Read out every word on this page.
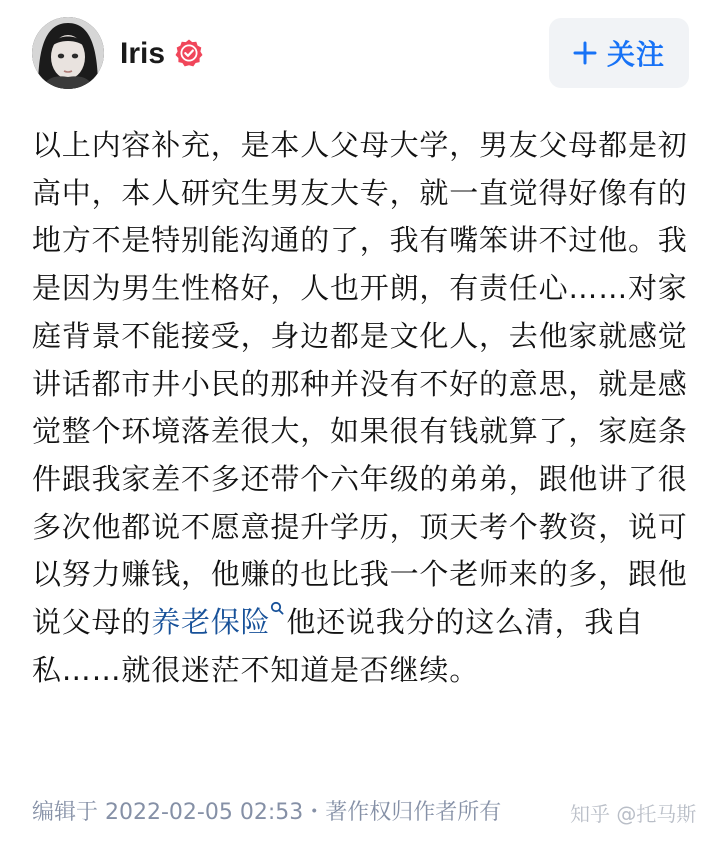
Iris	关注

以上内容补充，是本人父母大学，男友父母都是初高中，本人研究生男友大专，就一直觉得好像有的地方不是特别能沟通的了，我有嘴笨讲不过他。我是因为男生性格好，人也开朗，有责任心……对家庭背景不能接受，身边都是文化人，去他家就感觉讲话都市井小民的那种并没有不好的意思，就是感觉整个环境落差很大，如果很有钱就算了，家庭条件跟我家差不多还带个六年级的弟弟，跟他讲了很多次他都说不愿意提升学历，顶天考个教资，说可以努力赚钱，他赚的也比我一个老师来的多，跟他说父母的养老保险 他还说我分的这么清，我自私……就很迷茫不知道是否继续。

编辑于 2022-02-05 02:53・著作权归作者所有	知乎 @托马斯
